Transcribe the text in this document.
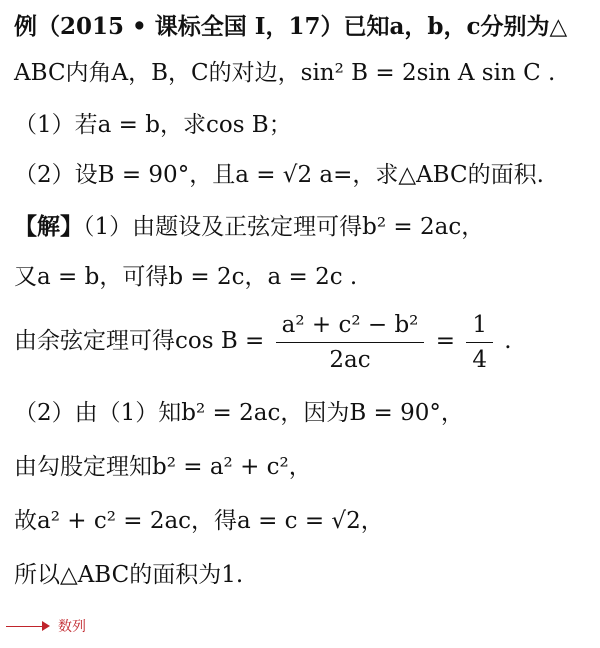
例（2015 • 课标全国 I，17）已知a，b，c分别为△
ABC内角A，B，C的对边，sin² B = 2sin A sin C .
（1）若a = b，求cos B；
（2）设B = 90°，且a = √2 a=，求△ABC的面积.
【解】（1）由题设及正弦定理可得b² = 2ac，
又a = b，可得b = 2c，a = 2c .
由余弦定理可得$\cos B = \frac{\text{a² + c² − b²}}{2ac} = \frac{1}{4}$ .
（2）由（1）知b² = 2ac，因为B = 90°，
由勾股定理知b² = a² + c²，
故a² + c² = 2ac，得a = c = √2，
所以△ABC的面积为1.
数列
